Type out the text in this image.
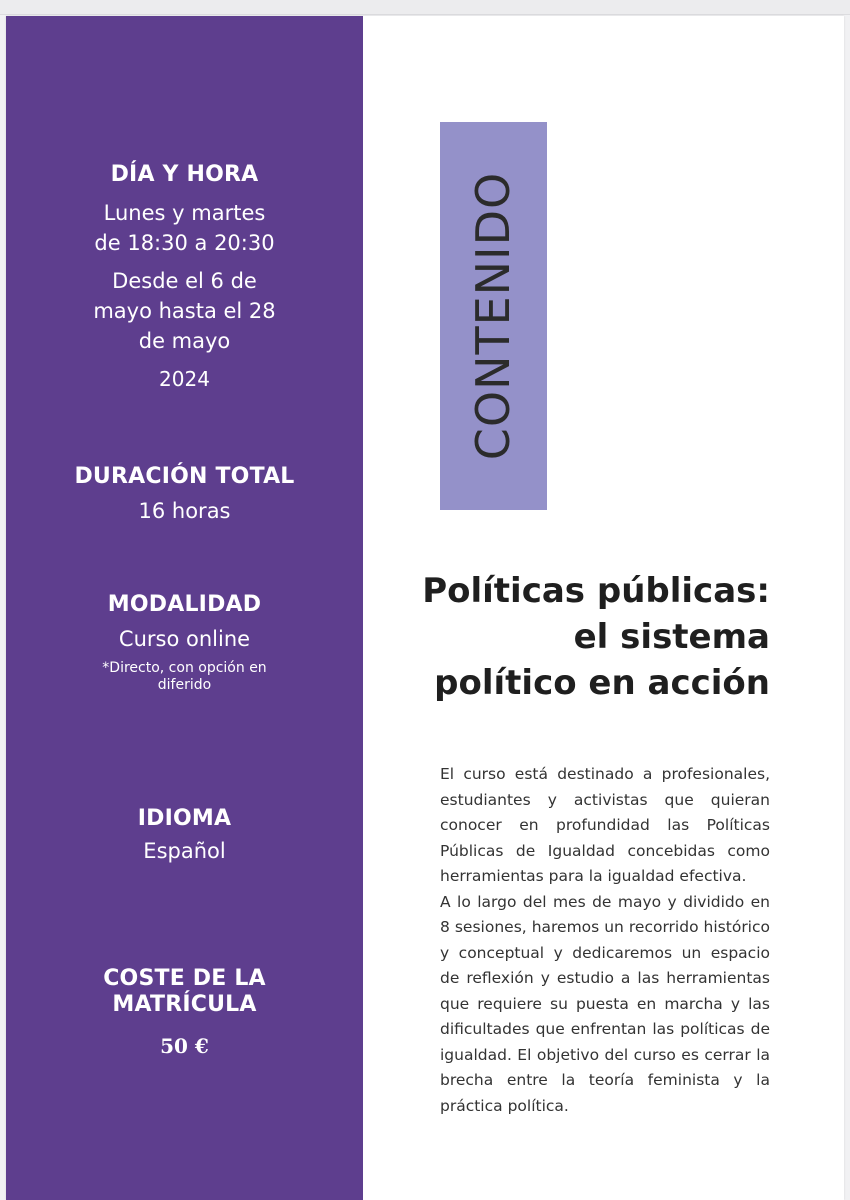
DÍA Y HORA
Lunes y martes
de 18:30 a 20:30
Desde el 6 de
mayo hasta el 28
de mayo
2024
DURACIÓN TOTAL
16 horas
MODALIDAD
Curso online
*Directo, con opción en diferido
IDIOMA
Español
COSTE DE LA
MATRÍCULA
50 €
CONTENIDO
Políticas públicas:
el sistema
político en acción

El curso está destinado a profesionales, estudiantes y activistas que quieran conocer en profundidad las Políticas Públicas de Igualdad concebidas como herramientas para la igualdad efectiva.

A lo largo del mes de mayo y dividido en 8 sesiones, haremos un recorrido histórico y conceptual y dedicaremos un espacio de reflexión y estudio a las herramientas que requiere su puesta en marcha y las dificultades que enfrentan las políticas de igualdad. El objetivo del curso es cerrar la brecha entre la teoría feminista y la práctica política.
